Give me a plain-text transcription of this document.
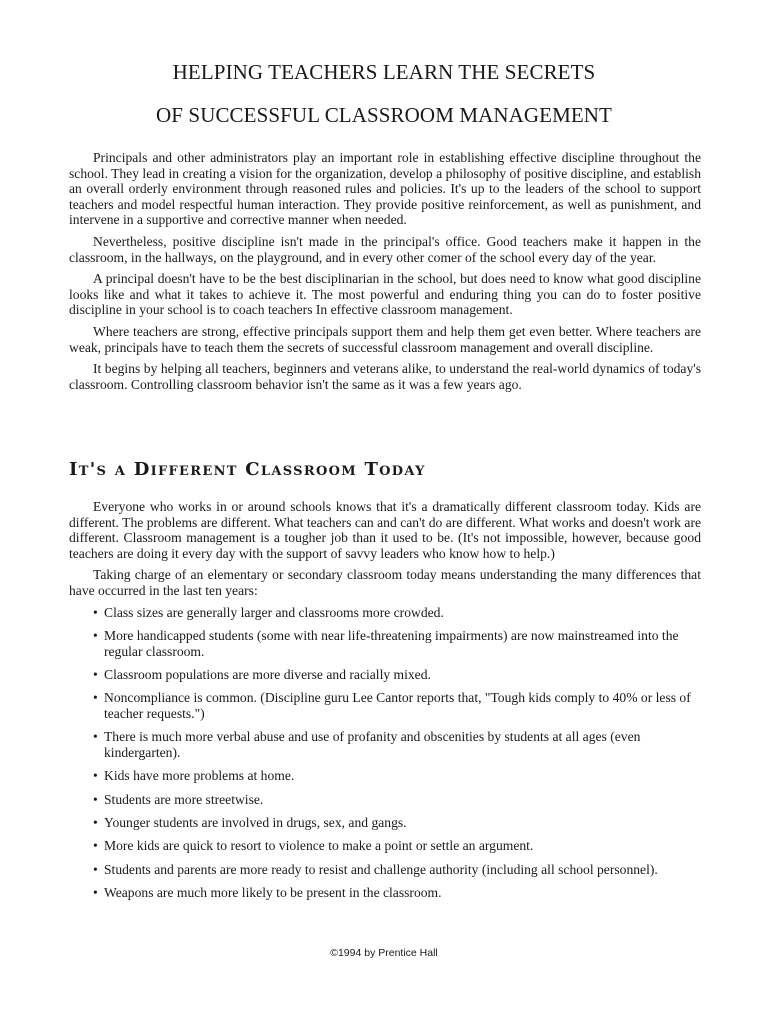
HELPING TEACHERS LEARN THE SECRETS
OF SUCCESSFUL CLASSROOM MANAGEMENT

Principals and other administrators play an important role in establishing effective discipline throughout the school. They lead in creating a vision for the organization, develop a philosophy of positive discipline, and establish an overall orderly environment through reasoned rules and policies. It's up to the leaders of the school to support teachers and model respectful human interaction. They provide positive reinforcement, as well as punishment, and intervene in a supportive and corrective manner when needed.

Nevertheless, positive discipline isn't made in the principal's office. Good teachers make it happen in the classroom, in the hallways, on the playground, and in every other comer of the school every day of the year.

A principal doesn't have to be the best disciplinarian in the school, but does need to know what good discipline looks like and what it takes to achieve it. The most powerful and enduring thing you can do to foster positive discipline in your school is to coach teachers In effective classroom management.

Where teachers are strong, effective principals support them and help them get even better. Where teachers are weak, principals have to teach them the secrets of successful classroom management and overall discipline.

It begins by helping all teachers, beginners and veterans alike, to understand the real-world dynamics of today's classroom. Controlling classroom behavior isn't the same as it was a few years ago.

It's a Different Classroom Today

Everyone who works in or around schools knows that it's a dramatically different classroom today. Kids are different. The problems are different. What teachers can and can't do are different. What works and doesn't work are different. Classroom management is a tougher job than it used to be. (It's not impossible, however, because good teachers are doing it every day with the support of savvy leaders who know how to help.)

Taking charge of an elementary or secondary classroom today means understanding the many differences that have occurred in the last ten years:

• Class sizes are generally larger and classrooms more crowded.
• More handicapped students (some with near life-threatening impairments) are now mainstreamed into the regular classroom.
• Classroom populations are more diverse and racially mixed.
• Noncompliance is common. (Discipline guru Lee Cantor reports that, "Tough kids comply to 40% or less of teacher requests.")
• There is much more verbal abuse and use of profanity and obscenities by students at all ages (even kindergarten).
• Kids have more problems at home.
• Students are more streetwise.
• Younger students are involved in drugs, sex, and gangs.
• More kids are quick to resort to violence to make a point or settle an argument.
• Students and parents are more ready to resist and challenge authority (including all school personnel).
• Weapons are much more likely to be present in the classroom.
©1994 by Prentice Hall
